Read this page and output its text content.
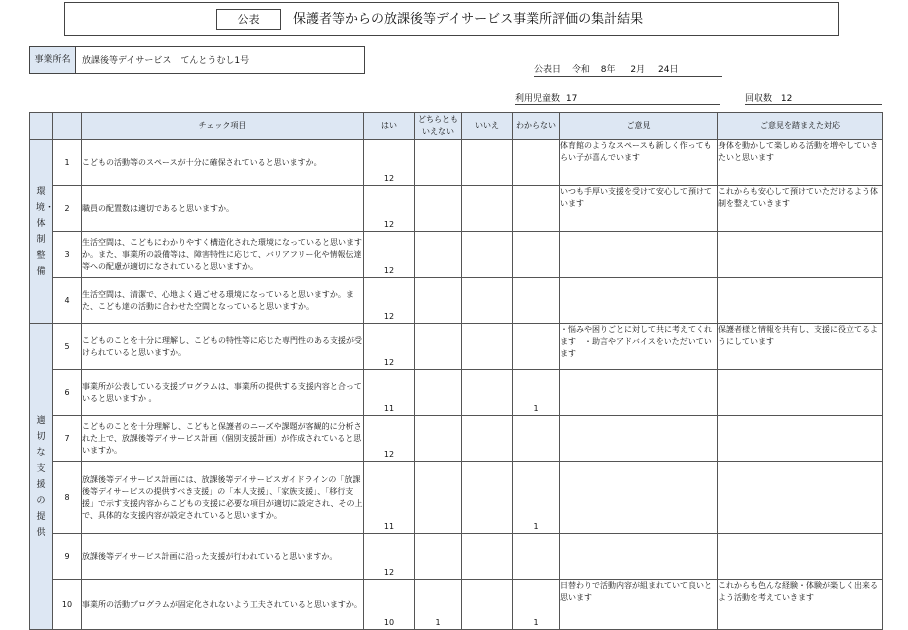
公表	保護者等からの放課後等デイサービス事業所評価の集計結果
事業所名	放課後等デイサービス　てんとうむし1号
公表日 令和 8年 2月 24日
利用児童数 17	回収数 12
		チェック項目	はい	どちらともいえない	いいえ	わからない	ご意見	ご意見を踏まえた対応
環境・体制整備	1	こどもの活動等のスペースが十分に確保されていると思いますか。	12				体育館のようなスペースも新しく作ってもらい子が喜んでいます	身体を動かして楽しめる活動を増やしていきたいと思います
	2	職員の配置数は適切であると思いますか。	12				いつも手厚い支援を受けて安心して預けています	これからも安心して預けていただけるよう体制を整えていきます
	3	生活空間は、こどもにわかりやすく構造化された環境になっていると思いますか。また、事業所の設備等は、障害特性に応じて、バリアフリー化や情報伝達等への配慮が適切になされていると思いますか。	12					
	4	生活空間は、清潔で、心地よく過ごせる環境になっていると思いますか。また、こども達の活動に合わせた空間となっていると思いますか。	12					
適切な支援の提供	5	こどものことを十分に理解し、こどもの特性等に応じた専門性のある支援が受けられていると思いますか。	12				・悩みや困りごとに対して共に考えてくれます　・助言やアドバイスをいただいています	保護者様と情報を共有し、支援に役立てるようにしています
	6	事業所が公表している支援プログラムは、事業所の提供する支援内容と合っていると思いますか 。	11			1		
	7	こどものことを十分理解し、こどもと保護者のニーズや課題が客観的に分析された上で、放課後等デイサービス計画（個別支援計画）が作成されていると思いますか。	12					
	8	放課後等デイサービス計画には、放課後等デイサービスガイドラインの「放課後等デイサービスの提供すべき支援」の「本人支援」、「家族支援」、「移行支援」で示す支援内容からこどもの支援に必要な項目が適切に設定され、その上で、具体的な支援内容が設定されていると思いますか。	11			1		
	9	放課後等デイサービス計画に沿った支援が行われていると思いますか。	12					
	10	事業所の活動プログラムが固定化されないよう工夫されていると思いますか。	10	1		1	日替わりで活動内容が組まれていて良いと思います	これからも色んな経験・体験が楽しく出来るよう活動を考えていきます
